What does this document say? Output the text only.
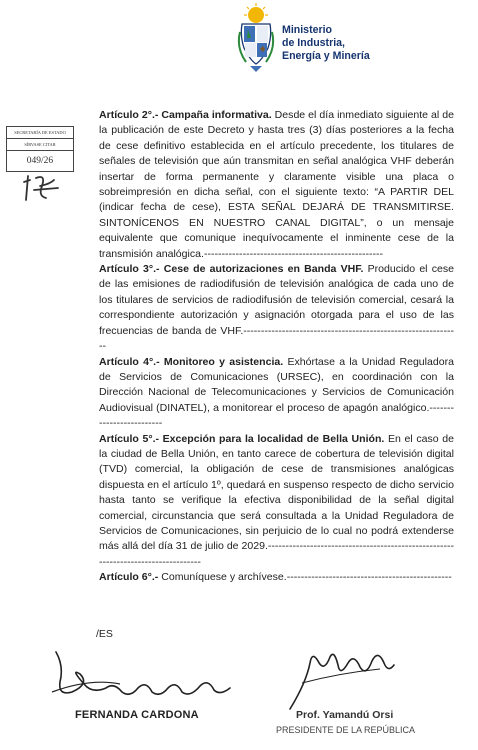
Ministerio
de Industria,
Energía y Minería
SECRETARÍA DE ESTADO
SÍRVASE CITAR
049/26

Artículo 2°.- Campaña informativa. Desde el día inmediato siguiente al de la publicación de este Decreto y hasta tres (3) días posteriores a la fecha de cese definitivo establecida en el artículo precedente, los titulares de señales de televisión que aún transmitan en señal analógica VHF deberán insertar de forma permanente y claramente visible una placa o sobreimpresión en dicha señal, con el siguiente texto: “A PARTIR DEL (indicar fecha de cese), ESTA SEÑAL DEJARÁ DE TRANSMITIRSE. SINTONÍCENOS EN NUESTRO CANAL DIGITAL”, o un mensaje equivalente que comunique inequívocamente el inminente cese de la transmisión analógica.---------------------------------------------------

Artículo 3°.- Cese de autorizaciones en Banda VHF. Producido el cese de las emisiones de radiodifusión de televisión analógica de cada uno de los titulares de servicios de radiodifusión de televisión comercial, cesará la correspondiente autorización y asignación otorgada para el uso de las frecuencias de banda de VHF.--------------------------------------------------------------

Artículo 4°.- Monitoreo y asistencia. Exhórtase a la Unidad Reguladora de Servicios de Comunicaciones (URSEC), en coordinación con la Dirección Nacional de Telecomunicaciones y Servicios de Comunicación Audiovisual (DINATEL), a monitorear el proceso de apagón analógico.-------------------------

Artículo 5°.- Excepción para la localidad de Bella Unión. En el caso de la ciudad de Bella Unión, en tanto carece de cobertura de televisión digital (TVD) comercial, la obligación de cese de transmisiones analógicas dispuesta en el artículo 1º, quedará en suspenso respecto de dicho servicio hasta tanto se verifique la efectiva disponibilidad de la señal digital comercial, circunstancia que será consultada a la Unidad Reguladora de Servicios de Comunicaciones, sin perjuicio de lo cual no podrá extenderse más allá del día 31 de julio de 2029.----------------------------------------------------------------------------------

Artículo 6°.- Comuníquese y archívese.-----------------------------------------------

/ES
FERNANDA CARDONA	Prof. Yamandú Orsi
PRESIDENTE DE LA REPÚBLICA
